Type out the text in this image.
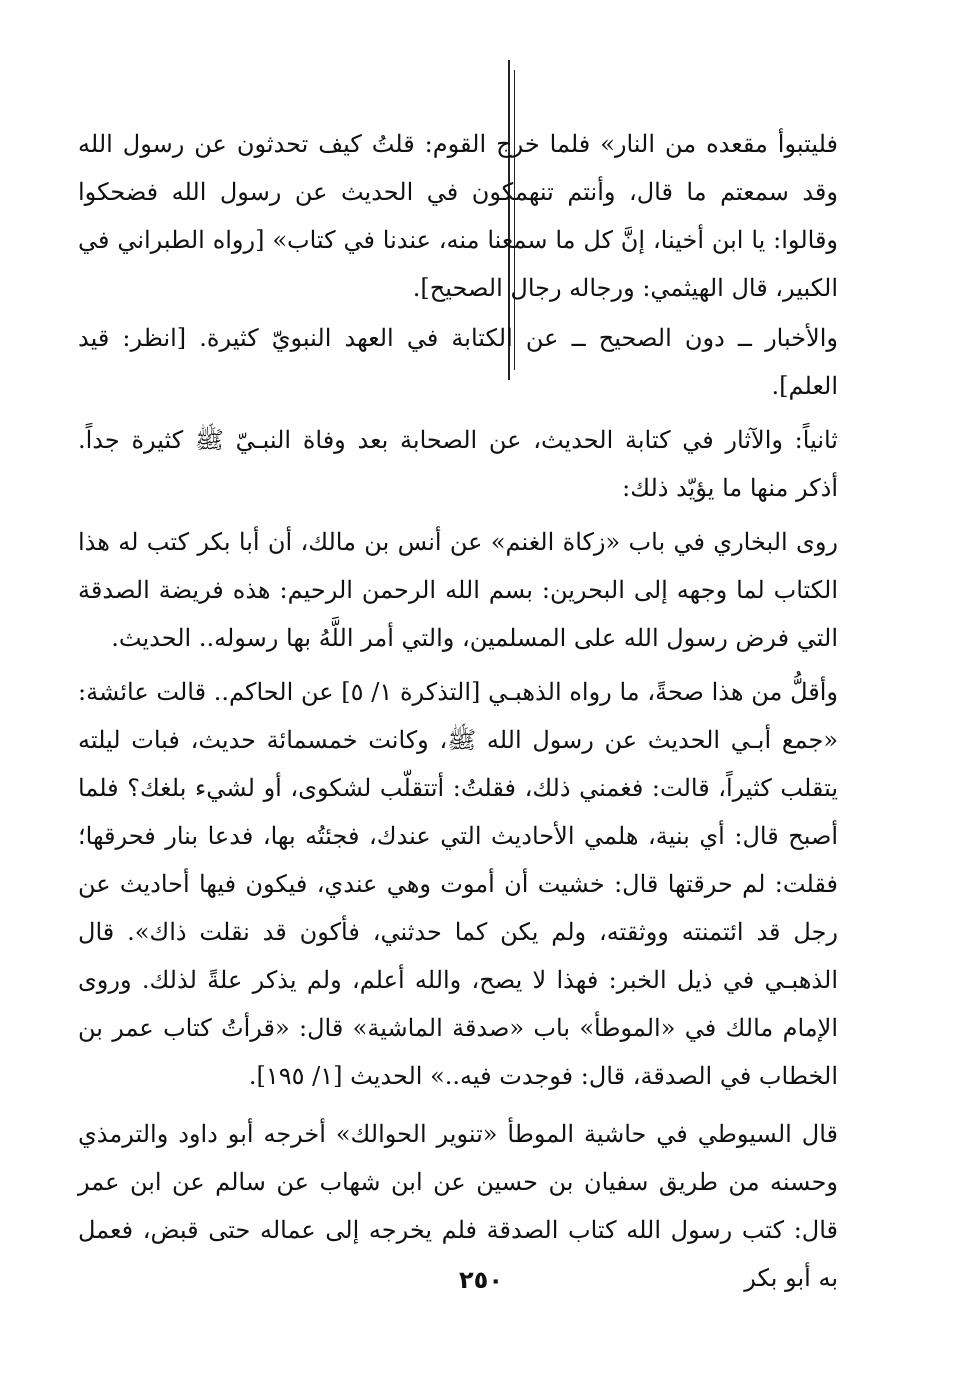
فليتبوأ مقعده من النار» فلما خرج القوم: قلتُ كيف تحدثون عن رسول الله وقد سمعتم ما قال، وأنتم تنهمكون في الحديث عن رسول الله فضحكوا وقالوا: يا ابن أخينا، إنَّ كل ما سمعنا منه، عندنا في كتاب» [رواه الطبراني في الكبير، قال الهيثمي: ورجاله رجال الصحيح].

والأخبار ــ دون الصحيح ــ عن الكتابة في العهد النبويّ كثيرة. [انظر: قيد العلم].

ثانياً: والآثار في كتابة الحديث، عن الصحابة بعد وفاة النبـيّ ﷺ كثيرة جداً. أذكر منها ما يؤيّد ذلك:

روى البخاري في باب «زكاة الغنم» عن أنس بن مالك، أن أبا بكر كتب له هذا الكتاب لما وجهه إلى البحرين: بسم الله الرحمن الرحيم: هذه فريضة الصدقة التي فرض رسول الله على المسلمين، والتي أمر اللَّهُ بها رسوله.. الحديث.

وأقلُّ من هذا صحةً، ما رواه الذهبـي [التذكرة ١/ ٥] عن الحاكم.. قالت عائشة: «جمع أبـي الحديث عن رسول الله ﷺ، وكانت خمسمائة حديث، فبات ليلته يتقلب كثيراً، قالت: فغمني ذلك، فقلتُ: أتتقلّب لشكوى، أو لشيء بلغك؟ فلما أصبح قال: أي بنية، هلمي الأحاديث التي عندك، فجئتُه بها، فدعا بنار فحرقها؛ فقلت: لم حرقتها قال: خشيت أن أموت وهي عندي، فيكون فيها أحاديث عن رجل قد ائتمنته ووثقته، ولم يكن كما حدثني، فأكون قد نقلت ذاك». قال الذهبـي في ذيل الخبر: فهذا لا يصح، والله أعلم، ولم يذكر علةً لذلك. وروى الإمام مالك في «الموطأ» باب «صدقة الماشية» قال: «قرأتُ كتاب عمر بن الخطاب في الصدقة، قال: فوجدت فيه..» الحديث [١/ ١٩٥].

قال السيوطي في حاشية الموطأ «تنوير الحوالك» أخرجه أبو داود والترمذي وحسنه من طريق سفيان بن حسين عن ابن شهاب عن سالم عن ابن عمر قال: كتب رسول الله كتاب الصدقة فلم يخرجه إلى عماله حتى قبض، فعمل به أبو بكر

٢٥٠
